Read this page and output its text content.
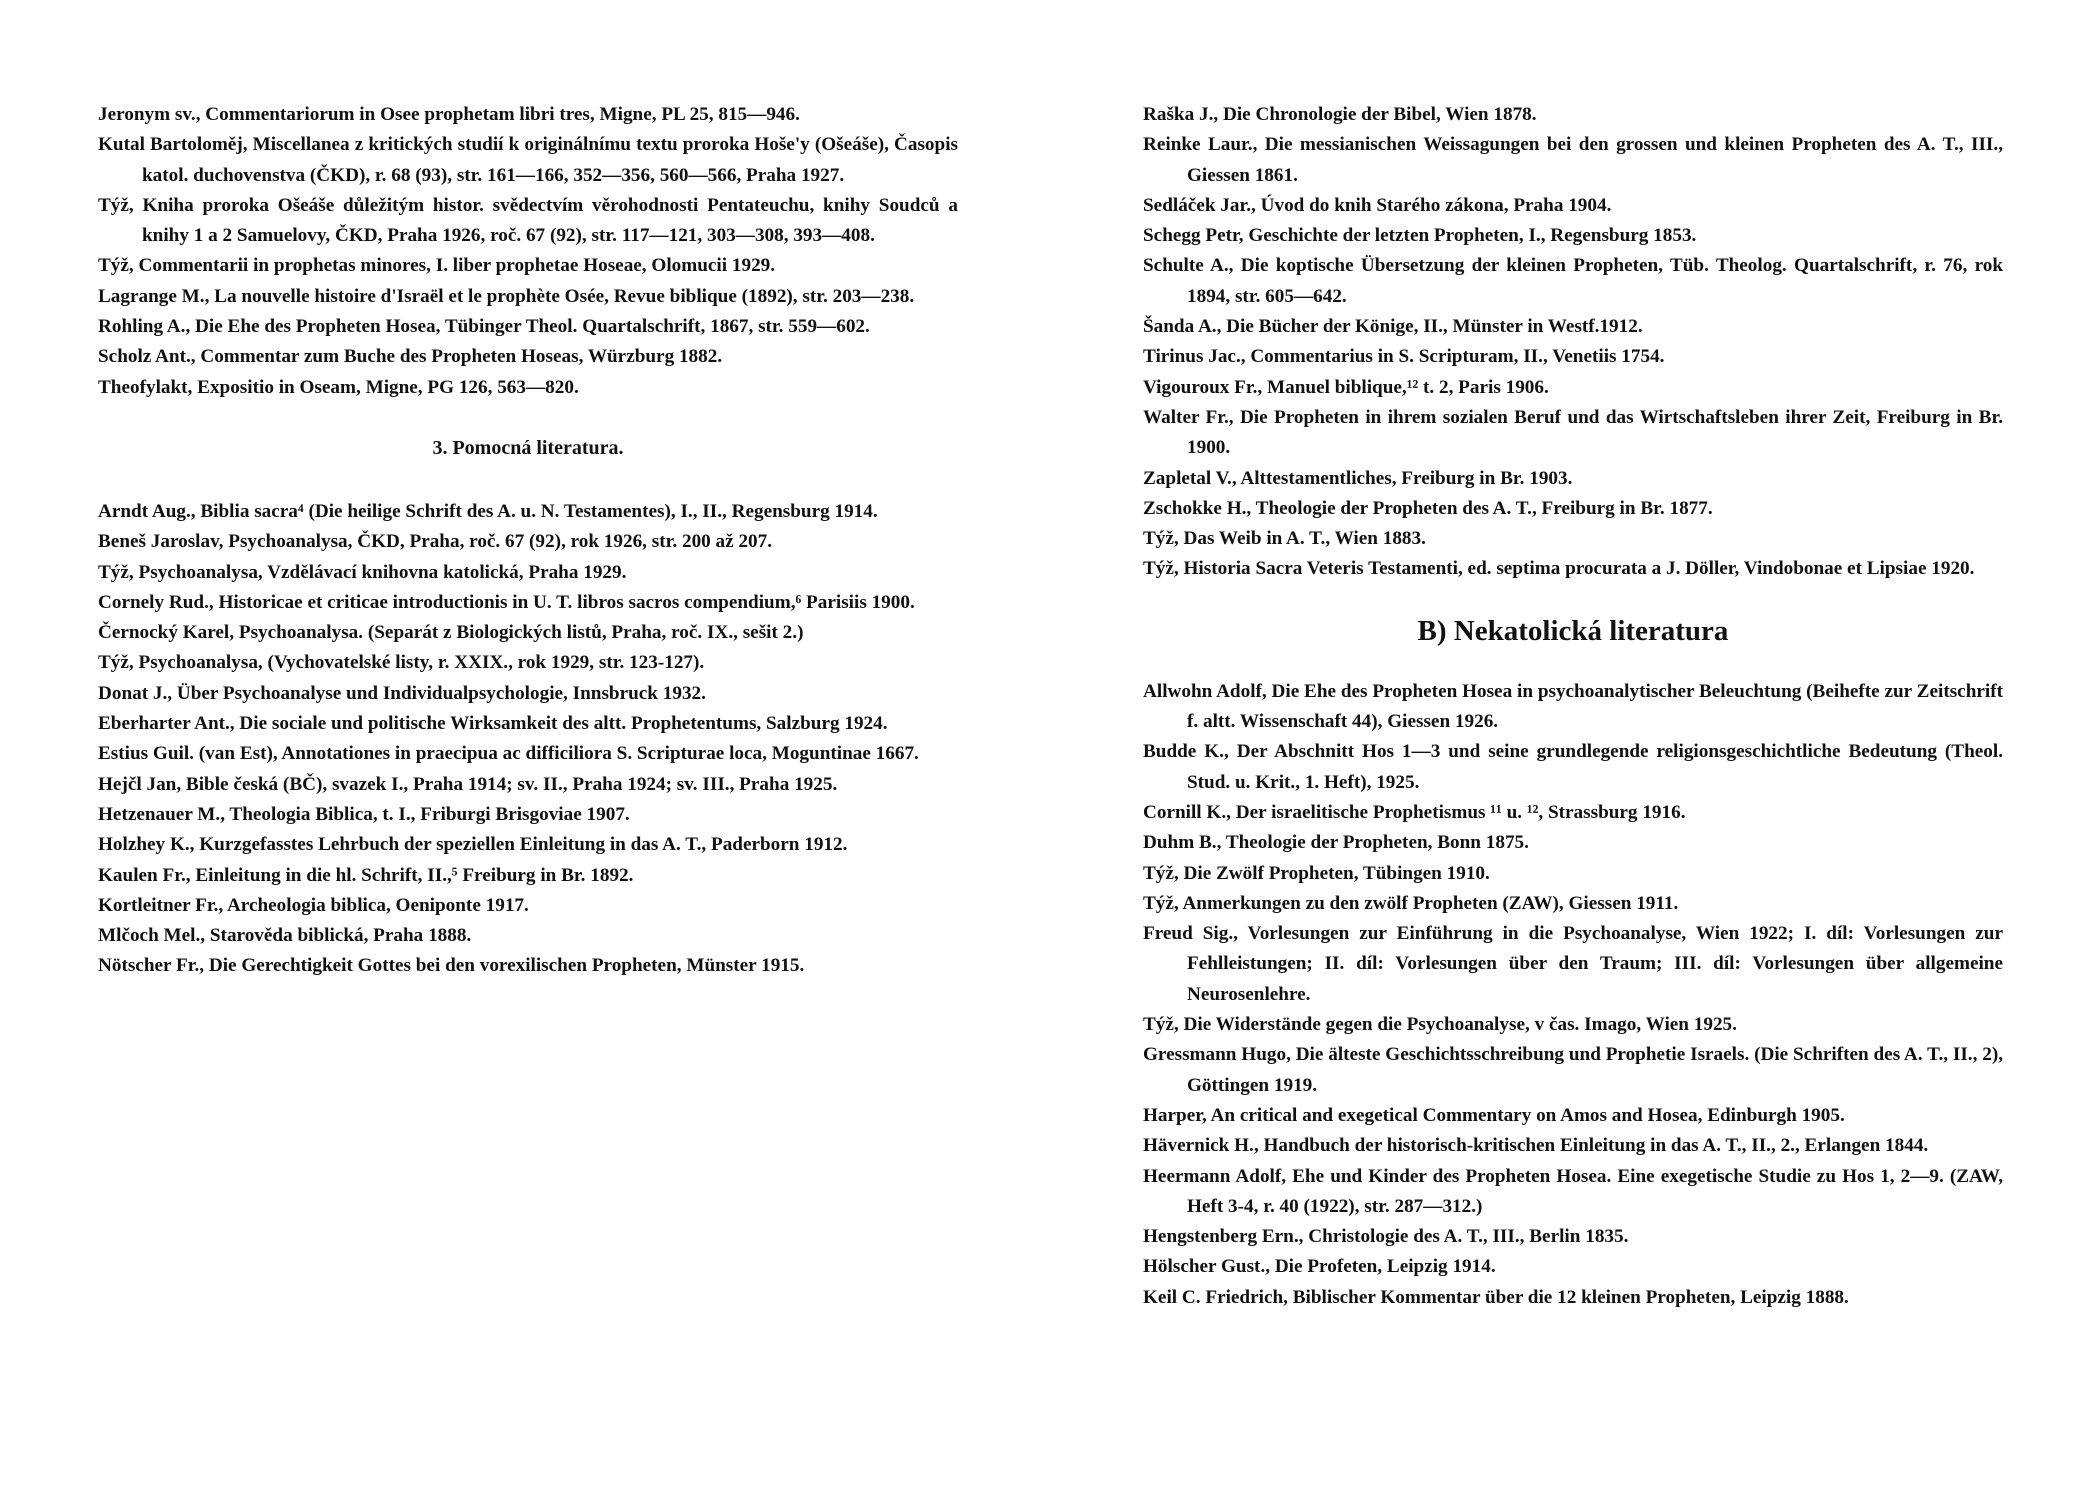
Jeronym sv., Commentariorum in Osee prophetam libri tres, Migne, PL 25, 815—946.

Kutal Bartoloměj, Miscellanea z kritických studií k originálnímu textu proroka Hoše'y (Ošeáše), Časopis katol. duchovenstva (ČKD), r. 68 (93), str. 161—166, 352—356, 560—566, Praha 1927.

Týž, Kniha proroka Ošeáše důležitým histor. svědectvím věrohodnosti Pentateuchu, knihy Soudců a knihy 1 a 2 Samuelovy, ČKD, Praha 1926, roč. 67 (92), str. 117—121, 303—308, 393—408.

Týž, Commentarii in prophetas minores, I. liber prophetae Hoseae, Olomucii 1929.

Lagrange M., La nouvelle histoire d'Israël et le prophète Osée, Revue biblique (1892), str. 203—238.

Rohling A., Die Ehe des Propheten Hosea, Tübinger Theol. Quartalschrift, 1867, str. 559—602.

Scholz Ant., Commentar zum Buche des Propheten Hoseas, Würzburg 1882.

Theofylakt, Expositio in Oseam, Migne, PG 126, 563—820.

3. Pomocná literatura.

Arndt Aug., Biblia sacra⁴ (Die heilige Schrift des A. u. N. Testamentes), I., II., Regensburg 1914.

Beneš Jaroslav, Psychoanalysa, ČKD, Praha, roč. 67 (92), rok 1926, str. 200 až 207.

Týž, Psychoanalysa, Vzdělávací knihovna katolická, Praha 1929.

Cornely Rud., Historicae et criticae introductionis in U. T. libros sacros compendium,⁶ Parisiis 1900.

Černocký Karel, Psychoanalysa. (Separát z Biologických listů, Praha, roč. IX., sešit 2.)

Týž, Psychoanalysa, (Vychovatelské listy, r. XXIX., rok 1929, str. 123-127).

Donat J., Über Psychoanalyse und Individualpsychologie, Innsbruck 1932.

Eberharter Ant., Die sociale und politische Wirksamkeit des altt. Prophetentums, Salzburg 1924.

Estius Guil. (van Est), Annotationes in praecipua ac difficiliora S. Scripturae loca, Moguntinae 1667.

Hejčl Jan, Bible česká (BČ), svazek I., Praha 1914; sv. II., Praha 1924; sv. III., Praha 1925.

Hetzenauer M., Theologia Biblica, t. I., Friburgi Brisgoviae 1907.

Holzhey K., Kurzgefasstes Lehrbuch der speziellen Einleitung in das A. T., Paderborn 1912.

Kaulen Fr., Einleitung in die hl. Schrift, II.,⁵ Freiburg in Br. 1892.

Kortleitner Fr., Archeologia biblica, Oeniponte 1917.

Mlčoch Mel., Starověda biblická, Praha 1888.

Nötscher Fr., Die Gerechtigkeit Gottes bei den vorexilischen Propheten, Münster 1915.

Raška J., Die Chronologie der Bibel, Wien 1878.

Reinke Laur., Die messianischen Weissagungen bei den grossen und kleinen Propheten des A. T., III., Giessen 1861.

Sedláček Jar., Úvod do knih Starého zákona, Praha 1904.

Schegg Petr, Geschichte der letzten Propheten, I., Regensburg 1853.

Schulte A., Die koptische Übersetzung der kleinen Propheten, Tüb. Theolog. Quartalschrift, r. 76, rok 1894, str. 605—642.

Šanda A., Die Bücher der Könige, II., Münster in Westf.1912.

Tirinus Jac., Commentarius in S. Scripturam, II., Venetiis 1754.

Vigouroux Fr., Manuel biblique,¹² t. 2, Paris 1906.

Walter Fr., Die Propheten in ihrem sozialen Beruf und das Wirtschaftsleben ihrer Zeit, Freiburg in Br. 1900.

Zapletal V., Alttestamentliches, Freiburg in Br. 1903.

Zschokke H., Theologie der Propheten des A. T., Freiburg in Br. 1877.

Týž, Das Weib in A. T., Wien 1883.

Týž, Historia Sacra Veteris Testamenti, ed. septima procurata a J. Döller, Vindobonae et Lipsiae 1920.

B) Nekatolická literatura

Allwohn Adolf, Die Ehe des Propheten Hosea in psychoanalytischer Beleuchtung (Beihefte zur Zeitschrift f. altt. Wissenschaft 44), Giessen 1926.

Budde K., Der Abschnitt Hos 1—3 und seine grundlegende religionsgeschichtliche Bedeutung (Theol. Stud. u. Krit., 1. Heft), 1925.

Cornill K., Der israelitische Prophetismus ¹¹ u. ¹², Strassburg 1916.

Duhm B., Theologie der Propheten, Bonn 1875.

Týž, Die Zwölf Propheten, Tübingen 1910.

Týž, Anmerkungen zu den zwölf Propheten (ZAW), Giessen 1911.

Freud Sig., Vorlesungen zur Einführung in die Psychoanalyse, Wien 1922; I. díl: Vorlesungen zur Fehlleistungen; II. díl: Vorlesungen über den Traum; III. díl: Vorlesungen über allgemeine Neurosenlehre.

Týž, Die Widerstände gegen die Psychoanalyse, v čas. Imago, Wien 1925.

Gressmann Hugo, Die älteste Geschichtsschreibung und Prophetie Israels. (Die Schriften des A. T., II., 2), Göttingen 1919.

Harper, An critical and exegetical Commentary on Amos and Hosea, Edinburgh 1905.

Hävernick H., Handbuch der historisch-kritischen Einleitung in das A. T., II., 2., Erlangen 1844.

Heermann Adolf, Ehe und Kinder des Propheten Hosea. Eine exegetische Studie zu Hos 1, 2—9. (ZAW, Heft 3-4, r. 40 (1922), str. 287—312.)

Hengstenberg Ern., Christologie des A. T., III., Berlin 1835.

Hölscher Gust., Die Profeten, Leipzig 1914.

Keil C. Friedrich, Biblischer Kommentar über die 12 kleinen Propheten, Leipzig 1888.
